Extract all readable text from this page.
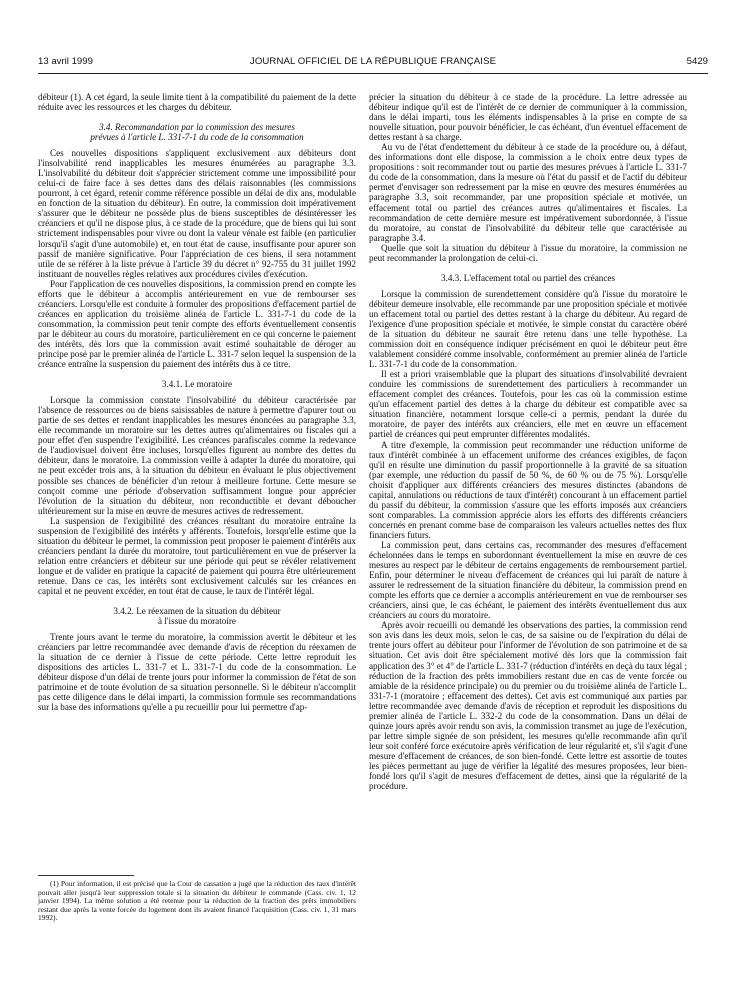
13 avril 1999	JOURNAL OFFICIEL DE LA RÉPUBLIQUE FRANÇAISE	5429

débiteur (1). A cet égard, la seule limite tient à la compatibilité du paiement de la dette réduite avec les ressources et les charges du débiteur.

3.4. Recommandation par la commission des mesures
prévues à l'article L. 331-7-1 du code de la consommation

Ces nouvelles dispositions s'appliquent exclusivement aux débiteurs dont l'insolvabilité rend inapplicables les mesures énumérées au paragraphe 3.3. L'insolvabilité du débiteur doit s'apprécier strictement comme une impossibilité pour celui-ci de faire face à ses dettes dans des délais raisonnables (les commissions pourront, à cet égard, retenir comme référence possible un délai de dix ans, modulable en fonction de la situation du débiteur). En outre, la commission doit impérativement s'assurer que le débiteur ne possède plus de biens susceptibles de désintéresser les créanciers et qu'il ne dispose plus, à ce stade de la procédure, que de biens qui lui sont strictement indispensables pour vivre ou dont la valeur vénale est faible (en particulier lorsqu'il s'agit d'une automobile) et, en tout état de cause, insuffisante pour apurer son passif de manière significative. Pour l'appréciation de ces biens, il sera notamment utile de se référer à la liste prévue à l'article 39 du décret n° 92-755 du 31 juillet 1992 instituant de nouvelles règles relatives aux procédures civiles d'exécution.

Pour l'application de ces nouvelles dispositions, la commission prend en compte les efforts que le débiteur a accomplis antérieurement en vue de rembourser ses créanciers. Lorsqu'elle est conduite à formuler des propositions d'effacement partiel de créances en application du troisième alinéa de l'article L. 331-7-1 du code de la consommation, la commission peut tenir compte des efforts éventuellement consentis par le débiteur au cours du moratoire, particulièrement en ce qui concerne le paiement des intérêts, dès lors que la commission avait estimé souhaitable de déroger au principe posé par le premier alinéa de l'article L. 331-7 selon lequel la suspension de la créance entraîne la suspension du paiement des intérêts dus à ce titre.

3.4.1. Le moratoire

Lorsque la commission constate l'insolvabilité du débiteur caractérisée par l'absence de ressources ou de biens saisissables de nature à permettre d'apurer tout ou partie de ses dettes et rendant inapplicables les mesures énoncées au paragraphe 3.3, elle recommande un moratoire sur les dettes autres qu'alimentaires ou fiscales qui a pour effet d'en suspendre l'exigibilité. Les créances parafiscales comme la redevance de l'audiovisuel doivent être incluses, lorsqu'elles figurent au nombre des dettes du débiteur, dans le moratoire. La commission veille à adapter la durée du moratoire, qui ne peut excéder trois ans, à la situation du débiteur en évaluant le plus objectivement possible ses chances de bénéficier d'un retour à meilleure fortune. Cette mesure se conçoit comme une période d'observation suffisamment longue pour apprécier l'évolution de la situation du débiteur, non reconductible et devant déboucher ultérieurement sur la mise en œuvre de mesures actives de redressement.

La suspension de l'exigibilité des créances résultant du moratoire entraîne la suspension de l'exigibilité des intérêts y afférents. Toutefois, lorsqu'elle estime que la situation du débiteur le permet, la commission peut proposer le paiement d'intérêts aux créanciers pendant la durée du moratoire, tout particulièrement en vue de préserver la relation entre créanciers et débiteur sur une période qui peut se révéler relativement longue et de valider en pratique la capacité de paiement qui pourra être ultérieurement retenue. Dans ce cas, les intérêts sont exclusivement calculés sur les créances en capital et ne peuvent excéder, en tout état de cause, le taux de l'intérêt légal.

3.4.2. Le réexamen de la situation du débiteur
à l'issue du moratoire

Trente jours avant le terme du moratoire, la commission avertit le débiteur et les créanciers par lettre recommandée avec demande d'avis de réception du réexamen de la situation de ce dernier à l'issue de cette période. Cette lettre reproduit les dispositions des articles L. 331-7 et L. 331-7-1 du code de la consommation. Le débiteur dispose d'un délai de trente jours pour informer la commission de l'état de son patrimoine et de toute évolution de sa situation personnelle. Si le débiteur n'accomplit pas cette diligence dans le délai imparti, la commission formule ses recommandations sur la base des informations qu'elle a pu recueillir pour lui permettre d'ap-

(1) Pour information, il est précisé que la Cour de cassation a jugé que la réduction des taux d'intérêt pouvait aller jusqu'à leur suppression totale si la situation du débiteur le commande (Cass. civ. 1, 12 janvier 1994). La même solution a été retenue pour la réduction de la fraction des prêts immobiliers restant due après la vente forcée du logement dont ils avaient financé l'acquisition (Cass. civ. 1, 31 mars 1992).

précier la situation du débiteur à ce stade de la procédure. La lettre adressée au débiteur indique qu'il est de l'intérêt de ce dernier de communiquer à la commission, dans le délai imparti, tous les éléments indispensables à la prise en compte de sa nouvelle situation, pour pouvoir bénéficier, le cas échéant, d'un éventuel effacement de dettes restant à sa charge.

Au vu de l'état d'endettement du débiteur à ce stade de la procédure ou, à défaut, des informations dont elle dispose, la commission a le choix entre deux types de propositions : soit recommander tout ou partie des mesures prévues à l'article L. 331-7 du code de la consommation, dans la mesure où l'état du passif et de l'actif du débiteur permet d'envisager son redressement par la mise en œuvre des mesures énumérées au paragraphe 3.3, soit recommander, par une proposition spéciale et motivée, un effacement total ou partiel des créances autres qu'alimentaires et fiscales. La recommandation de cette dernière mesure est impérativement subordonnée, à l'issue du moratoire, au constat de l'insolvabilité du débiteur telle que caractérisée au paragraphe 3.4.

Quelle que soit la situation du débiteur à l'issue du moratoire, la commission ne peut recommander la prolongation de celui-ci.

3.4.3. L'effacement total ou partiel des créances

Lorsque la commission de surendettement considère qu'à l'issue du moratoire le débiteur demeure insolvable, elle recommande par une proposition spéciale et motivée un effacement total ou partiel des dettes restant à la charge du débiteur. Au regard de l'exigence d'une proposition spéciale et motivée, le simple constat du caractère obéré de la situation du débiteur ne saurait être retenu dans une telle hypothèse. La commission doit en conséquence indiquer précisément en quoi le débiteur peut être valablement considéré comme insolvable, conformément au premier alinéa de l'article L. 331-7-1 du code de la consommation.

Il est a priori vraisemblable que la plupart des situations d'insolvabilité devraient conduire les commissions de surendettement des particuliers à recommander un effacement complet des créances. Toutefois, pour les cas où la commission estime qu'un effacement partiel des dettes à la charge du débiteur est compatible avec sa situation financière, notamment lorsque celle-ci a permis, pendant la durée du moratoire, de payer des intérêts aux créanciers, elle met en œuvre un effacement partiel de créances qui peut emprunter différentes modalités.

A titre d'exemple, la commission peut recommander une réduction uniforme de taux d'intérêt combinée à un effacement uniforme des créances exigibles, de façon qu'il en résulte une diminution du passif proportionnelle à la gravité de sa situation (par exemple, une réduction du passif de 50 %, de 60 % ou de 75 %). Lorsqu'elle choisit d'appliquer aux différents créanciers des mesures distinctes (abandons de capital, annulations ou réductions de taux d'intérêt) concourant à un effacement partiel du passif du débiteur, la commission s'assure que les efforts imposés aux créanciers sont comparables. La commission apprécie alors les efforts des différents créanciers concernés en prenant comme base de comparaison les valeurs actuelles nettes des flux financiers futurs.

La commission peut, dans certains cas, recommander des mesures d'effacement échelonnées dans le temps en subordonnant éventuellement la mise en œuvre de ces mesures au respect par le débiteur de certains engagements de remboursement partiel. Enfin, pour déterminer le niveau d'effacement de créances qui lui paraît de nature à assurer le redressement de la situation financière du débiteur, la commission prend en compte les efforts que ce dernier a accomplis antérieurement en vue de rembourser ses créanciers, ainsi que, le cas échéant, le paiement des intérêts éventuellement dus aux créanciers au cours du moratoire.

Après avoir recueilli ou demandé les observations des parties, la commission rend son avis dans les deux mois, selon le cas, de sa saisine ou de l'expiration du délai de trente jours offert au débiteur pour l'informer de l'évolution de son patrimoine et de sa situation. Cet avis doit être spécialement motivé dès lors que la commission fait application des 3° et 4° de l'article L. 331-7 (réduction d'intérêts en deçà du taux légal ; réduction de la fraction des prêts immobiliers restant due en cas de vente forcée ou amiable de la résidence principale) ou du premier ou du troisième alinéa de l'article L. 331-7-1 (moratoire ; effacement des dettes). Cet avis est communiqué aux parties par lettre recommandée avec demande d'avis de réception et reproduit les dispositions du premier alinéa de l'article L. 332-2 du code de la consommation. Dans un délai de quinze jours après avoir rendu son avis, la commission transmet au juge de l'exécution, par lettre simple signée de son président, les mesures qu'elle recommande afin qu'il leur soit conféré force exécutoire après vérification de leur régularité et, s'il s'agit d'une mesure d'effacement de créances, de son bien-fondé. Cette lettre est assortie de toutes les pièces permettant au juge de vérifier la légalité des mesures proposées, leur bien-fondé lors qu'il s'agit de mesures d'effacement de dettes, ainsi que la régularité de la procédure.
